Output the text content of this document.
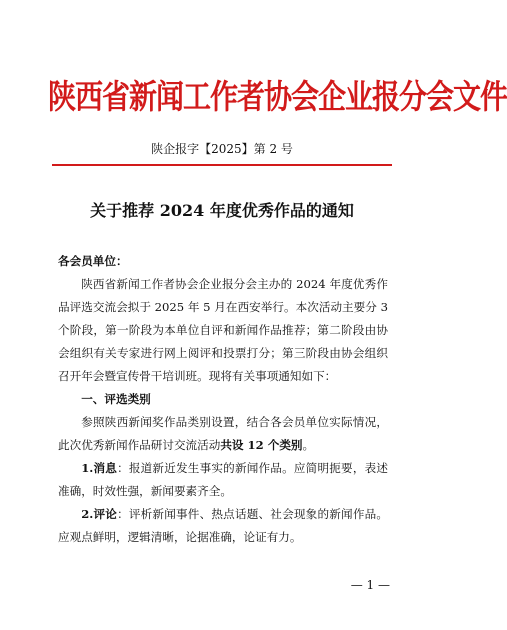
陕西省新闻工作者协会企业报分会文件
陕企报字【2025】第 2 号
关于推荐 2024 年度优秀作品的通知

各会员单位：

陕西省新闻工作者协会企业报分会主办的 2024 年度优秀作品评选交流会拟于 2025 年 5 月在西安举行。本次活动主要分 3 个阶段，第一阶段为本单位自评和新闻作品推荐；第二阶段由协会组织有关专家进行网上阅评和投票打分；第三阶段由协会组织召开年会暨宣传骨干培训班。现将有关事项通知如下：

一、评选类别

参照陕西新闻奖作品类别设置，结合各会员单位实际情况，此次优秀新闻作品研讨交流活动共设 12 个类别。

1.消息：报道新近发生事实的新闻作品。应简明扼要，表述准确，时效性强，新闻要素齐全。

2.评论：评析新闻事件、热点话题、社会现象的新闻作品。应观点鲜明，逻辑清晰，论据准确，论证有力。

— 1 —
